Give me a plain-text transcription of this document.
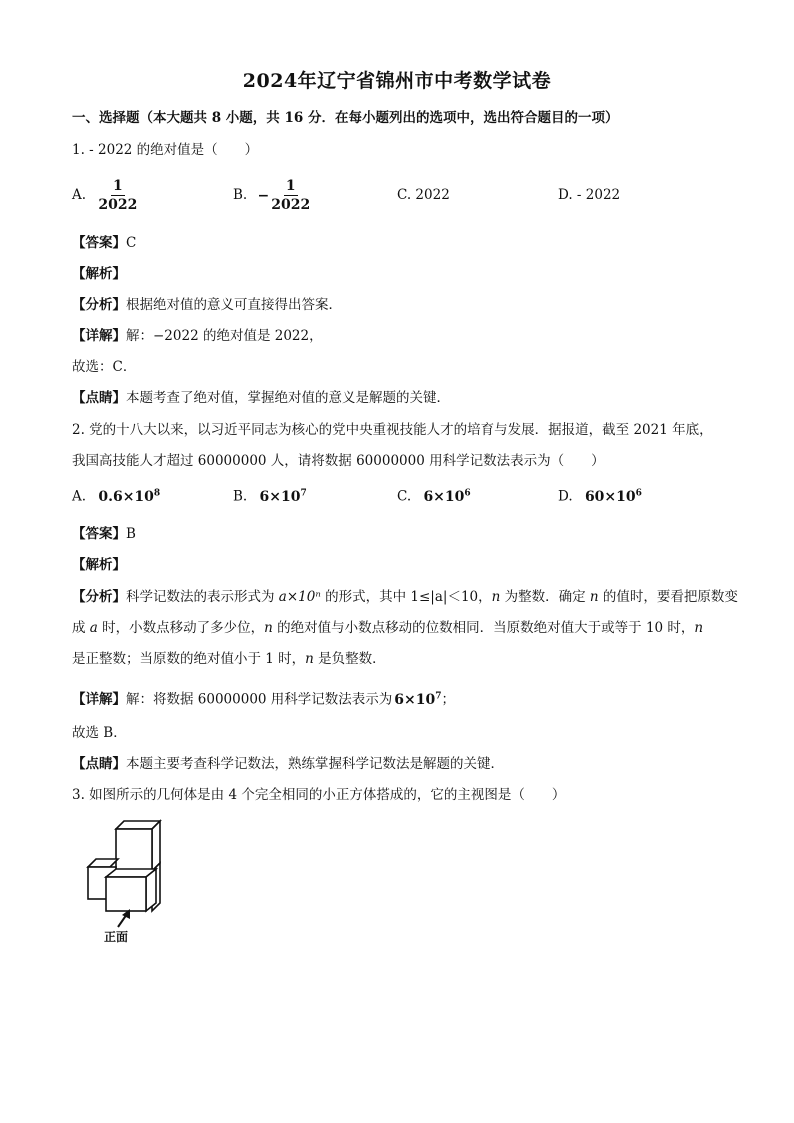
2024年辽宁省锦州市中考数学试卷
一、选择题（本大题共 8 小题，共 16 分．在每小题列出的选项中，选出符合题目的一项）
1. - 2022 的绝对值是（　　）
A. $\frac{1}{2022}$	B. − $\frac{1}{2022}$	C. 2022	D. - 2022
【答案】C
【解析】
【分析】根据绝对值的意义可直接得出答案．
【详解】解：−2022 的绝对值是 2022，
故选：C．
【点睛】本题考查了绝对值，掌握绝对值的意义是解题的关键．
2. 党的十八大以来，以习近平同志为核心的党中央重视技能人才的培育与发展．据报道，截至 2021 年底，
我国高技能人才超过 60000000 人，请将数据 60000000 用科学记数法表示为（　　）
A. $0.6\times 10^8$	B. $6\times 10^7$	C. $6\times 10^6$	D. $60\times 10^6$
【答案】B
【解析】
【分析】科学记数法的表示形式为 a×10ⁿ 的形式，其中 1≤|a|＜10，n 为整数．确定 n 的值时，要看把原数变
成 a 时，小数点移动了多少位，n 的绝对值与小数点移动的位数相同．当原数绝对值大于或等于 10 时，n
是正整数；当原数的绝对值小于 1 时，n 是负整数．
【详解】解：将数据 60000000 用科学记数法表示为 $6\times 10^7$；
故选 B．
【点睛】本题主要考查科学记数法，熟练掌握科学记数法是解题的关键．
3. 如图所示的几何体是由 4 个完全相同的小正方体搭成的，它的主视图是（　　）
正面
